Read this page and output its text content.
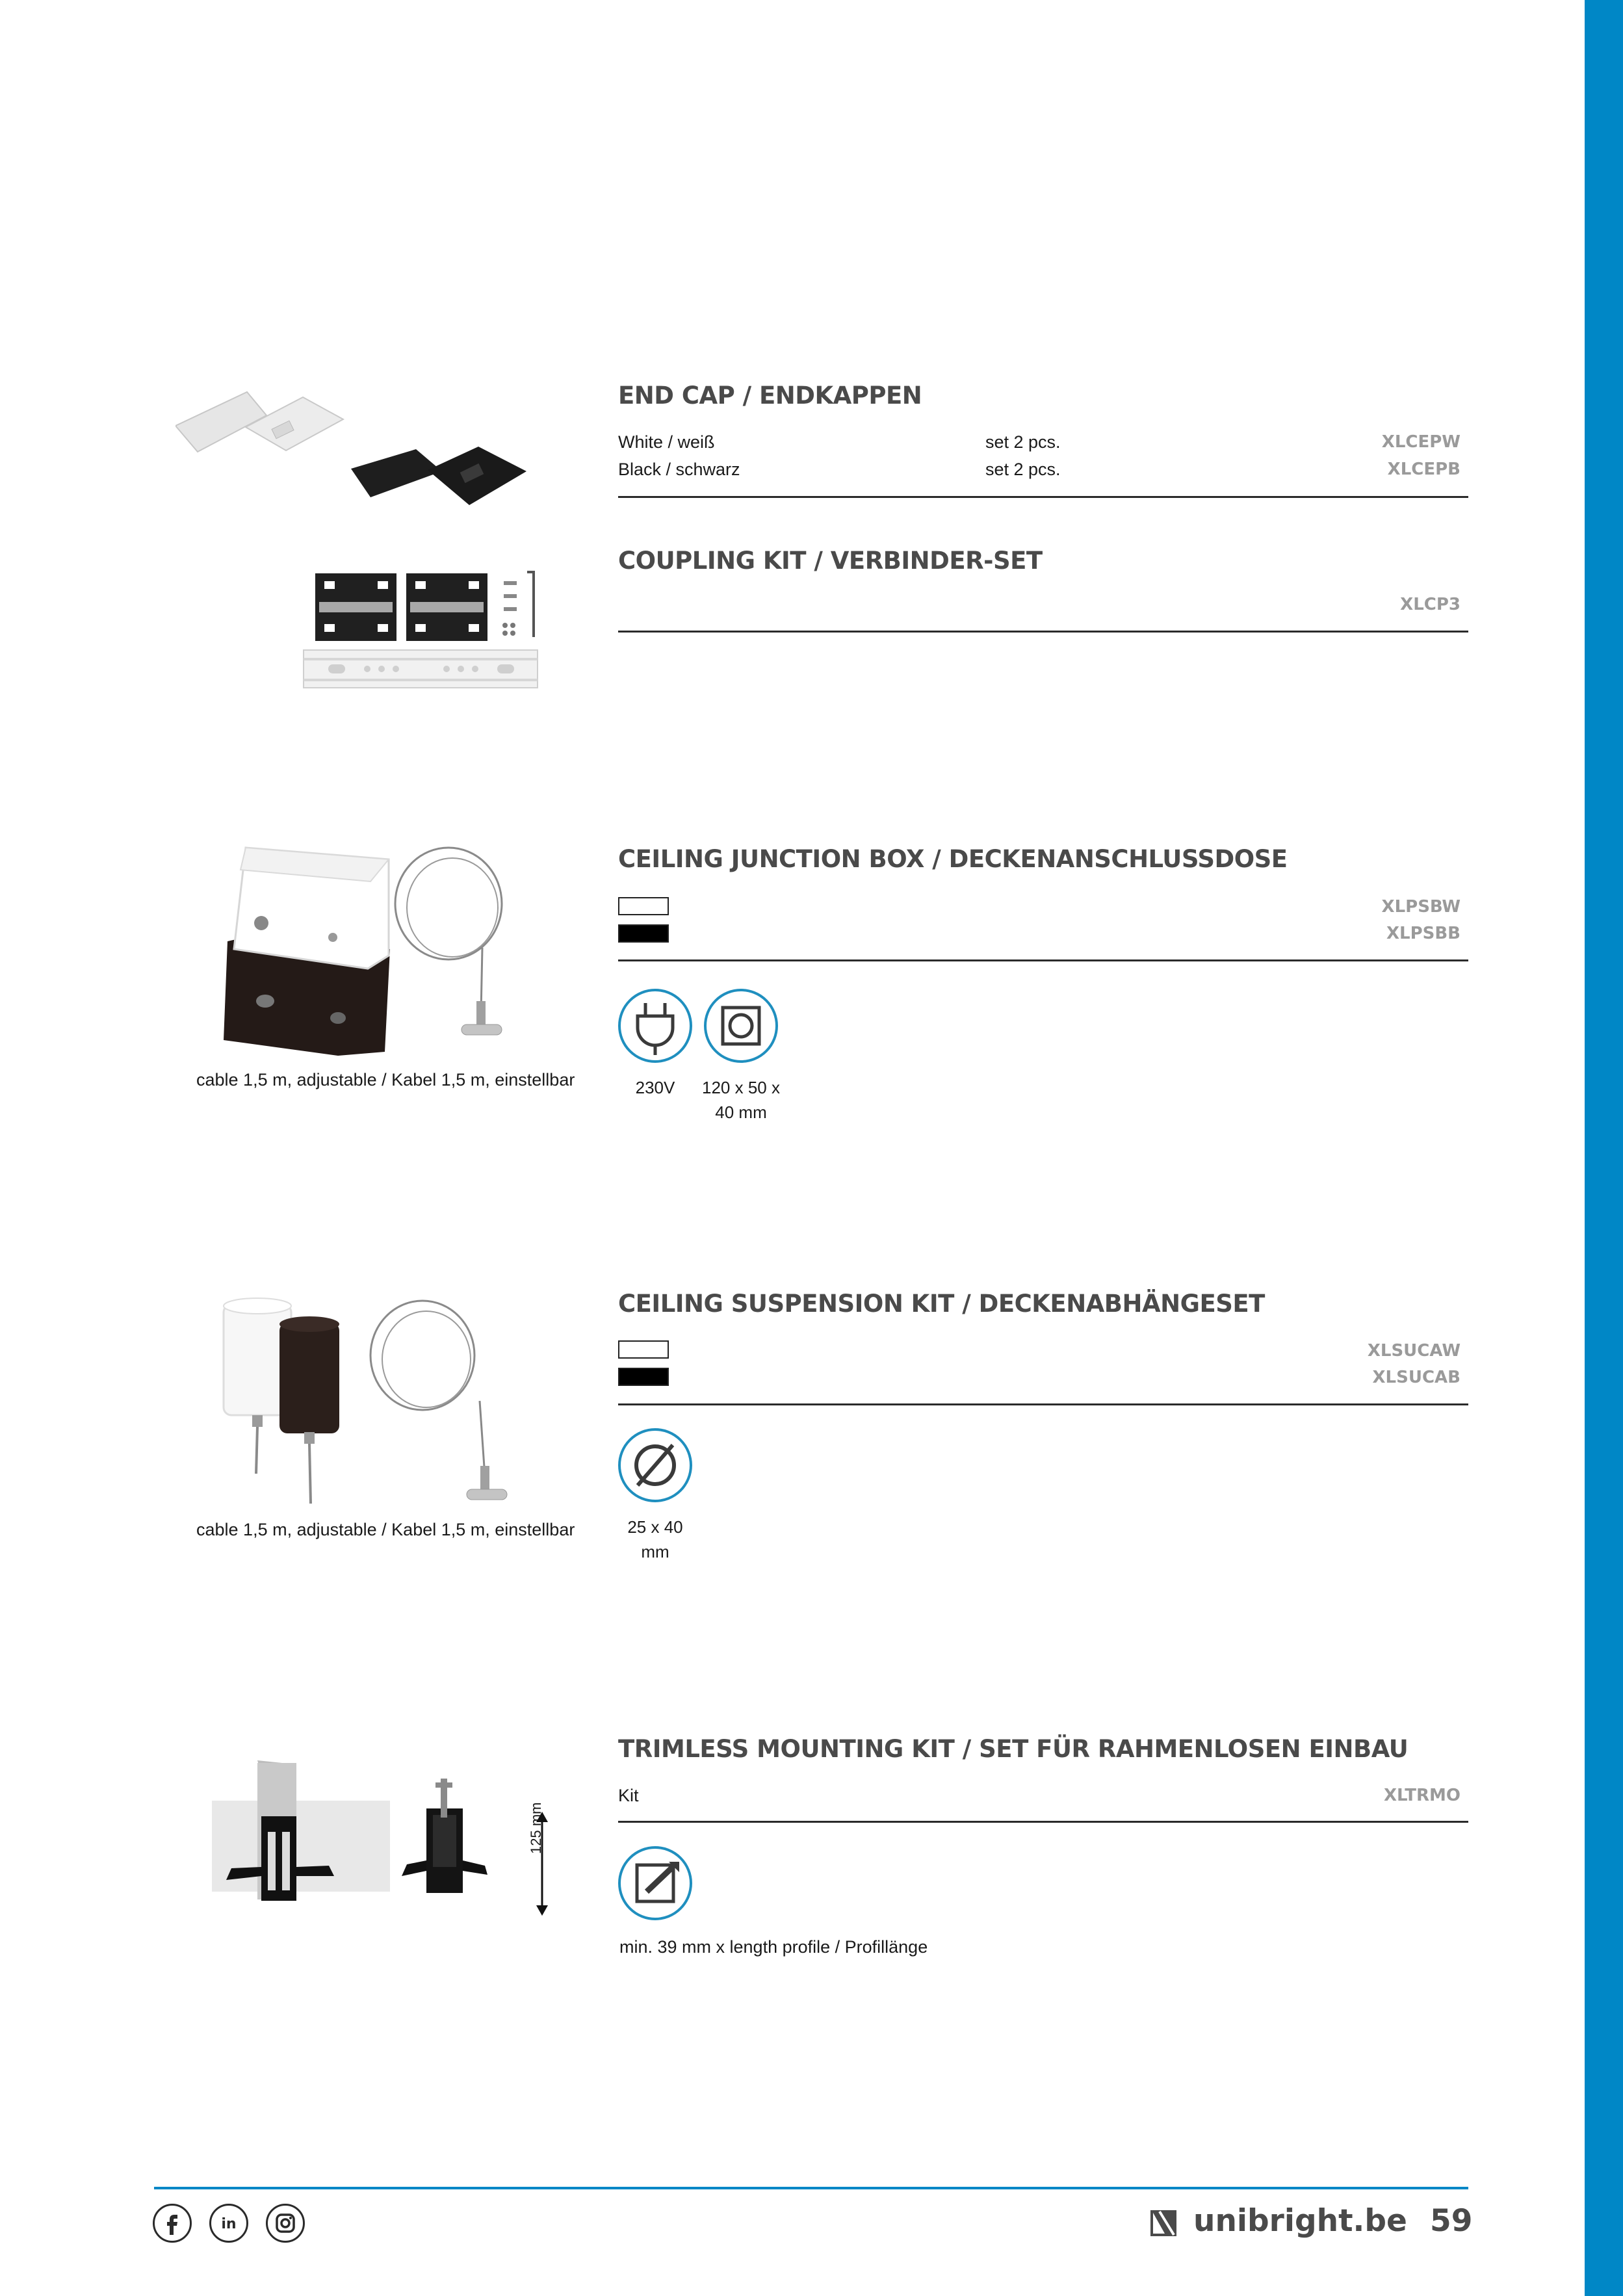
END CAP / ENDKAPPEN
White / weiß	set 2 pcs.	XLCEPW
Black / schwarz	set 2 pcs.	XLCEPB
COUPLING KIT / VERBINDER-SET
XLCP3
cable 1,5 m, adjustable / Kabel 1,5 m, einstellbar
CEILING JUNCTION BOX / DECKENANSCHLUSSDOSE
XLPSBW
XLPSBB
230V	120 x 50 x
40 mm
cable 1,5 m, adjustable / Kabel 1,5 m, einstellbar
CEILING SUSPENSION KIT / DECKENABHÄNGESET
XLSUCAW
XLSUCAB
25 x 40
mm
125 mm
TRIMLESS MOUNTING KIT / SET FÜR RAHMENLOSEN EINBAU
Kit	XLTRMO
min. 39 mm x length profile / Profillänge
in	unibright.be 59
